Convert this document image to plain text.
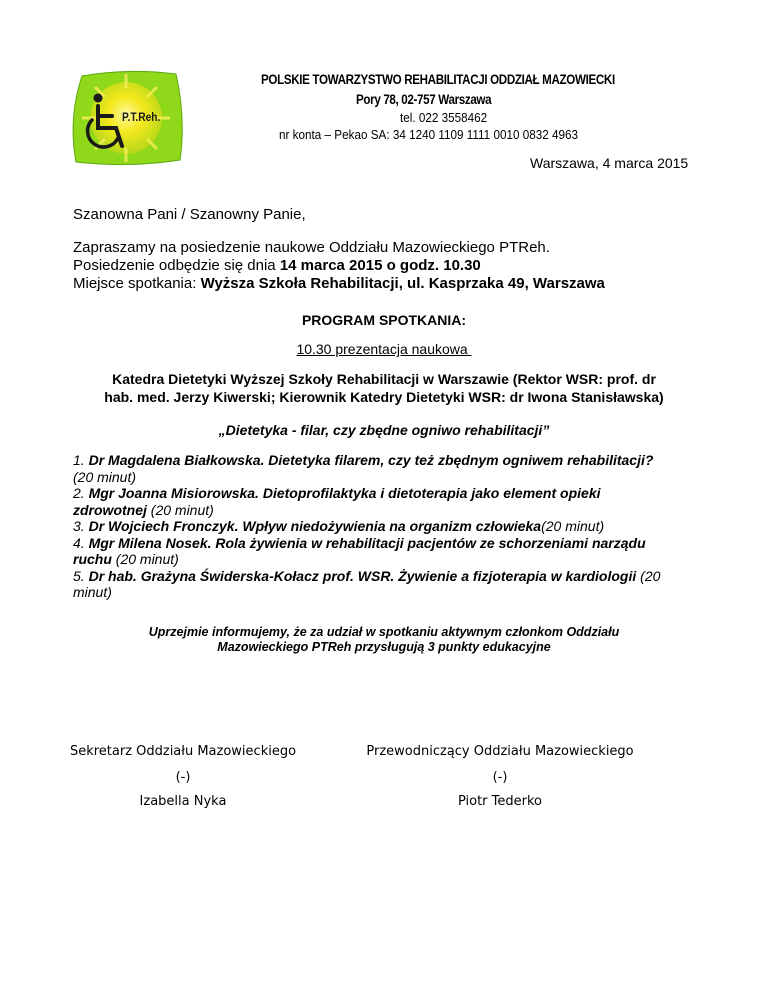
P.T.Reh.
POLSKIE TOWARZYSTWO REHABILITACJI ODDZIAŁ MAZOWIECKI
Pory 78, 02-757 Warszawa
tel. 022 3558462
nr konta – Pekao SA: 34 1240 1109 1111 0010 0832 4963
Warszawa, 4 marca 2015
Szanowna Pani / Szanowny Panie,
Zapraszamy na posiedzenie naukowe Oddziału Mazowieckiego PTReh.
Posiedzenie odbędzie się dnia 14 marca 2015 o godz. 10.30
Miejsce spotkania: Wyższa Szkoła Rehabilitacji, ul. Kasprzaka 49, Warszawa
PROGRAM SPOTKANIA:
10.30 prezentacja naukowa
Katedra Dietetyki Wyższej Szkoły Rehabilitacji w Warszawie (Rektor WSR: prof. dr
hab. med. Jerzy Kiwerski; Kierownik Katedry Dietetyki WSR: dr Iwona Stanisławska)
„Dietetyka - filar, czy zbędne ogniwo rehabilitacji”
1. Dr Magdalena Białkowska. Dietetyka filarem, czy też zbędnym ogniwem rehabilitacji? (20 minut)
2. Mgr Joanna Misiorowska. Dietoprofilaktyka i dietoterapia jako element opieki zdrowotnej (20 minut)
3. Dr Wojciech Fronczyk. Wpływ niedożywienia na organizm człowieka(20 minut)
4. Mgr Milena Nosek. Rola żywienia w rehabilitacji pacjentów ze schorzeniami narządu ruchu (20 minut)
5. Dr hab. Grażyna Świderska-Kołacz prof. WSR. Żywienie a fizjoterapia w kardiologii (20 minut)
Uprzejmie informujemy, że za udział w spotkaniu aktywnym członkom Oddziału
Mazowieckiego PTReh przysługują 3 punkty edukacyjne
Sekretarz Oddziału Mazowieckiego
(-)
Izabella Nyka
Przewodniczący Oddziału Mazowieckiego
(-)
Piotr Tederko
